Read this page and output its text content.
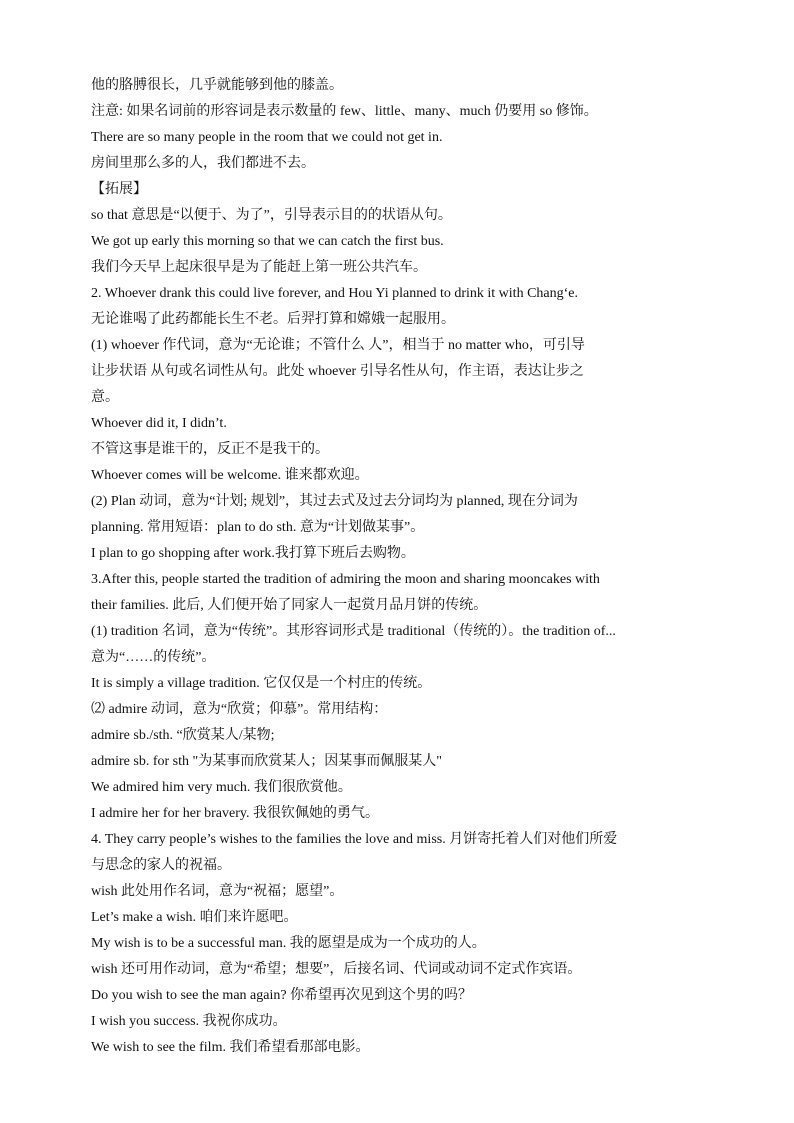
他的胳膊很长，几乎就能够到他的膝盖。
注意: 如果名词前的形容词是表示数量的 few、little、many、much 仍要用 so 修饰。
There are so many people in the room that we could not get in.
房间里那么多的人，我们都进不去。
【拓展】
so that 意思是“以便于、为了”，引导表示目的的状语从句。
We got up early this morning so that we can catch the first bus.
我们今天早上起床很早是为了能赶上第一班公共汽车。
2. Whoever drank this could live forever, and Hou Yi planned to drink it with Chang‘e.
无论谁喝了此药都能长生不老。后羿打算和嫦娥一起服用。
(1) whoever 作代词，意为“无论谁；不管什么 人”，相当于 no matter who，可引导
让步状语 从句或名词性从句。此处 whoever 引导名性从句，作主语，表达让步之
意。
Whoever did it, I didn’t.
不管这事是谁干的，反正不是我干的。
Whoever comes will be welcome. 谁来都欢迎。
(2) Plan 动词，意为“计划; 规划”，其过去式及过去分词均为 planned, 现在分词为
planning. 常用短语：plan to do sth. 意为“计划做某事”。
I plan to go shopping after work.我打算下班后去购物。
3.After this, people started the tradition of admiring the moon and sharing mooncakes with
their families. 此后, 人们便开始了同家人一起赏月品月饼的传统。
(1) tradition 名词，意为“传统”。其形容词形式是 traditional（传统的）。the tradition of...
意为“……的传统”。
It is simply a village tradition. 它仅仅是一个村庄的传统。
⑵ admire 动词，意为“欣赏；仰慕”。常用结构：
admire sb./sth. “欣赏某人/某物;
admire sb. for sth "为某事而欣赏某人；因某事而佩服某人"
We admired him very much. 我们很欣赏他。
I admire her for her bravery. 我很钦佩她的勇气。
4. They carry people’s wishes to the families the love and miss. 月饼寄托着人们对他们所爱
与思念的家人的祝福。
wish 此处用作名词，意为“祝福；愿望”。
Let’s make a wish. 咱们来许愿吧。
My wish is to be a successful man. 我的愿望是成为一个成功的人。
wish 还可用作动词，意为“希望；想要”，后接名词、代词或动词不定式作宾语。
Do you wish to see the man again? 你希望再次见到这个男的吗？
I wish you success. 我祝你成功。
We wish to see the film. 我们希望看那部电影。
